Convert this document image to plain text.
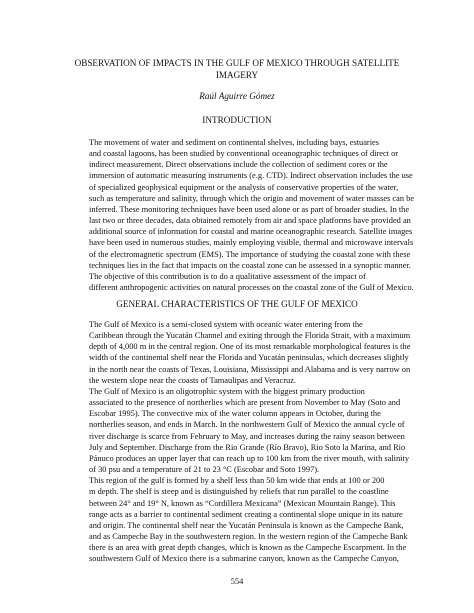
OBSERVATION OF IMPACTS IN THE GULF OF MEXICO THROUGH SATELLITE
IMAGERY
Raúl Aguirre Gómez
INTRODUCTION

The movement of water and sediment on continental shelves, including bays, estuaries
and coastal lagoons, has been studied by conventional oceanographic techniques of direct or
indirect measurement. Direct observations include the collection of sediment cores or the
immersion of automatic measuring instruments (e.g. CTD). Indirect observation includes the use
of specialized geophysical equipment or the analysis of conservative properties of the water,
such as temperature and salinity, through which the origin and movement of water masses can be
inferred. These monitoring techniques have been used alone or as part of broader studies. In the
last two or three decades, data obtained remotely from air and space platforms have provided an
additional source of information for coastal and marine oceanographic research. Satellite images
have been used in numerous studies, mainly employing visible, thermal and microwave intervals
of the electromagnetic spectrum (EMS). The importance of studying the coastal zone with these
techniques lies in the fact that impacts on the coastal zone can be assessed in a synoptic manner.

The objective of this contribution is to do a qualitative assessment of the impact of
different anthropogenic activities on natural processes on the coastal zone of the Gulf of Mexico.

GENERAL CHARACTERISTICS OF THE GULF OF MEXICO

The Gulf of Mexico is a semi-closed system with oceanic water entering from the
Caribbean through the Yucatán Channel and exiting through the Florida Strait, with a maximum
depth of 4,000 m in the central region. One of its most remarkable morphological features is the
width of the continental shelf near the Florida and Yucatán peninsulas, which decreases slightly
in the north near the coasts of Texas, Louisiana, Mississippi and Alabama and is very narrow on
the western slope near the coasts of Tamaulipas and Veracruz.

The Gulf of Mexico is an oligotrophic system with the biggest primary production
associated to the presence of northerlies which are present from November to May (Soto and
Escobar 1995). The convective mix of the water column appears in October, during the
northerlies season, and ends in March. In the northwestern Gulf of Mexico the annual cycle of
river discharge is scarce from February to May, and increases during the rainy season between
July and September. Discharge from the Rio Grande (Río Bravo), Rio Soto la Marina, and Rio
Pánuco produces an upper layer that can reach up to 100 km from the river mouth, with salinity
of 30 psu and a temperature of 21 to 23 °C (Escobar and Soto 1997).

This region of the gulf is formed by a shelf less than 50 km wide that ends at 100 or 200
m depth. The shelf is steep and is distinguished by reliefs that run parallel to the coastline
between 24° and 19° N, known as “Cordillera Mexicana” (Mexican Mountain Range). This
range acts as a barrier to continental sediment creating a continental slope unique in its nature
and origin. The continental shelf near the Yucatán Peninsula is known as the Campeche Bank,
and as Campeche Bay in the southwestern region. In the western region of the Campeche Bank
there is an area with great depth changes, which is known as the Campeche Escarpment. In the
southwestern Gulf of Mexico there is a submarine canyon, known as the Campeche Canyon,

554
